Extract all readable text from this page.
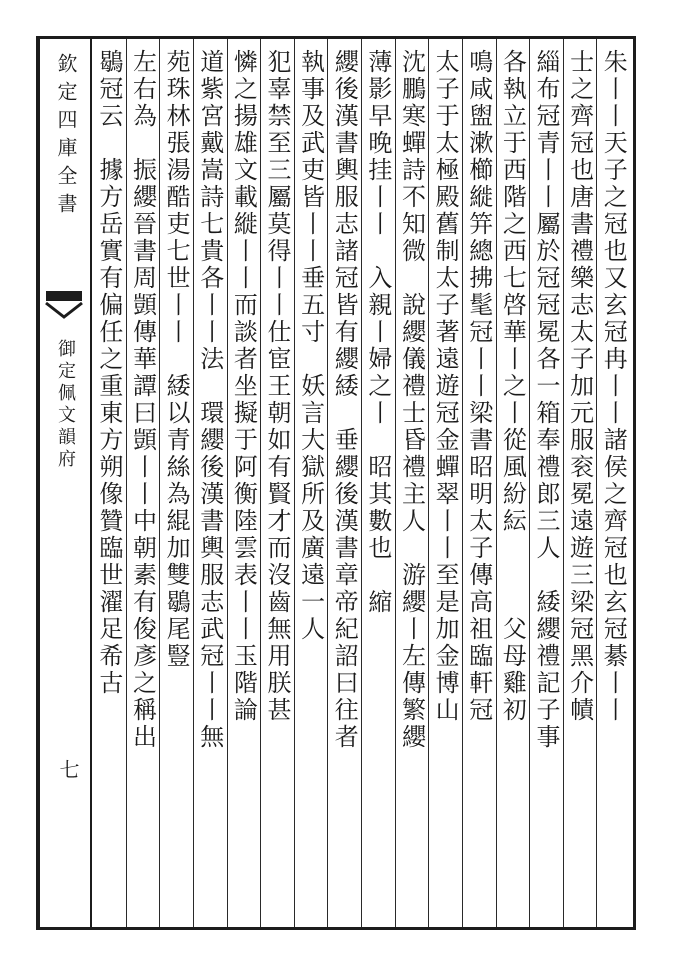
欽定四庫全書
御定佩文韻府
七
朱丨丨天子之冠也又玄冠冉丨丨諸侯之齊冠也玄冠綦丨丨
士之齊冠也唐書禮樂志太子加元服衮冕遠遊三梁冠黑介幘
緇布冠青丨丨屬於冠冠冕各一箱奉禮郎三人　緌纓禮記子事
各執立于西階之西七啓華丨之丨從風紛紜　　　父母雞初
鳴咸盥漱櫛縰笄總拂髦冠丨丨梁書昭明太子傳高祖臨軒冠
太子于太極殿舊制太子著遠遊冠金蟬翠丨丨至是加金博山
沈鵬寒蟬詩不知微　說纓儀禮士昏禮主人　游纓丨左傳繁纓
薄影早晚挂丨丨　入親丨婦之丨　昭其數也　縮
纓後漢書輿服志諸冠皆有纓緌　垂纓後漢書章帝紀詔曰往者
執事及武吏皆丨丨垂五寸　妖言大獄所及廣遠一人
犯辜禁至三屬莫得丨丨仕宦王朝如有賢才而沒齒無用朕甚
憐之揚雄文載縰丨丨而談者坐擬于阿衡陸雲表丨丨玉階論
道紫宮戴嵩詩七貴各丨丨法　環纓後漢書輿服志武冠丨丨無
苑珠林張湯酷吏七世丨丨　緌以青絲為緄加雙鶡尾豎
左右為　振纓晉書周顗傳華譚曰顗丨丨中朝素有俊彥之稱出
鶡冠云　據方岳實有偏任之重東方朔像贊臨世濯足希古
